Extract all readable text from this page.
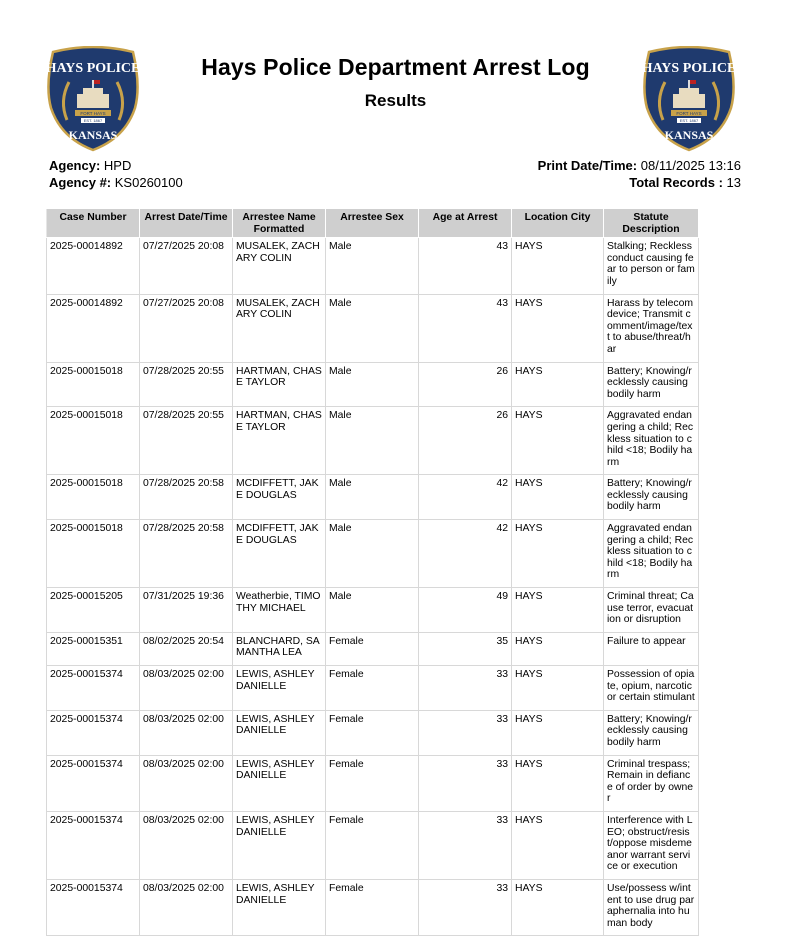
HAYS POLICE
FORT HAYS
EST. 1867
KANSAS
HAYS POLICE
FORT HAYS
EST. 1867
KANSAS
Hays Police Department Arrest Log
Results
Agency: HPD
Agency #: KS0260100
Print Date/Time: 08/11/2025 13:16
Total Records : 13
Case Number	Arrest Date/Time	Arrestee Name Formatted	Arrestee Sex	Age at Arrest	Location City	Statute Description
2025-00014892	07/27/2025 20:08	MUSALEK, ZACHARY COLIN	Male	43	HAYS	Stalking; Reckless conduct causing fear to person or family
2025-00014892	07/27/2025 20:08	MUSALEK, ZACHARY COLIN	Male	43	HAYS	Harass by telecom device; Transmit comment/image/text to abuse/threat/har
2025-00015018	07/28/2025 20:55	HARTMAN, CHASE TAYLOR	Male	26	HAYS	Battery; Knowing/recklessly causing bodily harm
2025-00015018	07/28/2025 20:55	HARTMAN, CHASE TAYLOR	Male	26	HAYS	Aggravated endangering a child; Reckless situation to child <18; Bodily harm
2025-00015018	07/28/2025 20:58	MCDIFFETT, JAKE DOUGLAS	Male	42	HAYS	Battery; Knowing/recklessly causing bodily harm
2025-00015018	07/28/2025 20:58	MCDIFFETT, JAKE DOUGLAS	Male	42	HAYS	Aggravated endangering a child; Reckless situation to child <18; Bodily harm
2025-00015205	07/31/2025 19:36	Weatherbie, TIMOTHY MICHAEL	Male	49	HAYS	Criminal threat; Cause terror, evacuation or disruption
2025-00015351	08/02/2025 20:54	BLANCHARD, SAMANTHA LEA	Female	35	HAYS	Failure to appear
2025-00015374	08/03/2025 02:00	LEWIS, ASHLEY DANIELLE	Female	33	HAYS	Possession of opiate, opium, narcotic or certain stimulant
2025-00015374	08/03/2025 02:00	LEWIS, ASHLEY DANIELLE	Female	33	HAYS	Battery; Knowing/recklessly causing bodily harm
2025-00015374	08/03/2025 02:00	LEWIS, ASHLEY DANIELLE	Female	33	HAYS	Criminal trespass; Remain in defiance of order by owner
2025-00015374	08/03/2025 02:00	LEWIS, ASHLEY DANIELLE	Female	33	HAYS	Interference with LEO; obstruct/resist/oppose misdemeanor warrant service or execution
2025-00015374	08/03/2025 02:00	LEWIS, ASHLEY DANIELLE	Female	33	HAYS	Use/possess w/intent to use drug paraphernalia into human body
